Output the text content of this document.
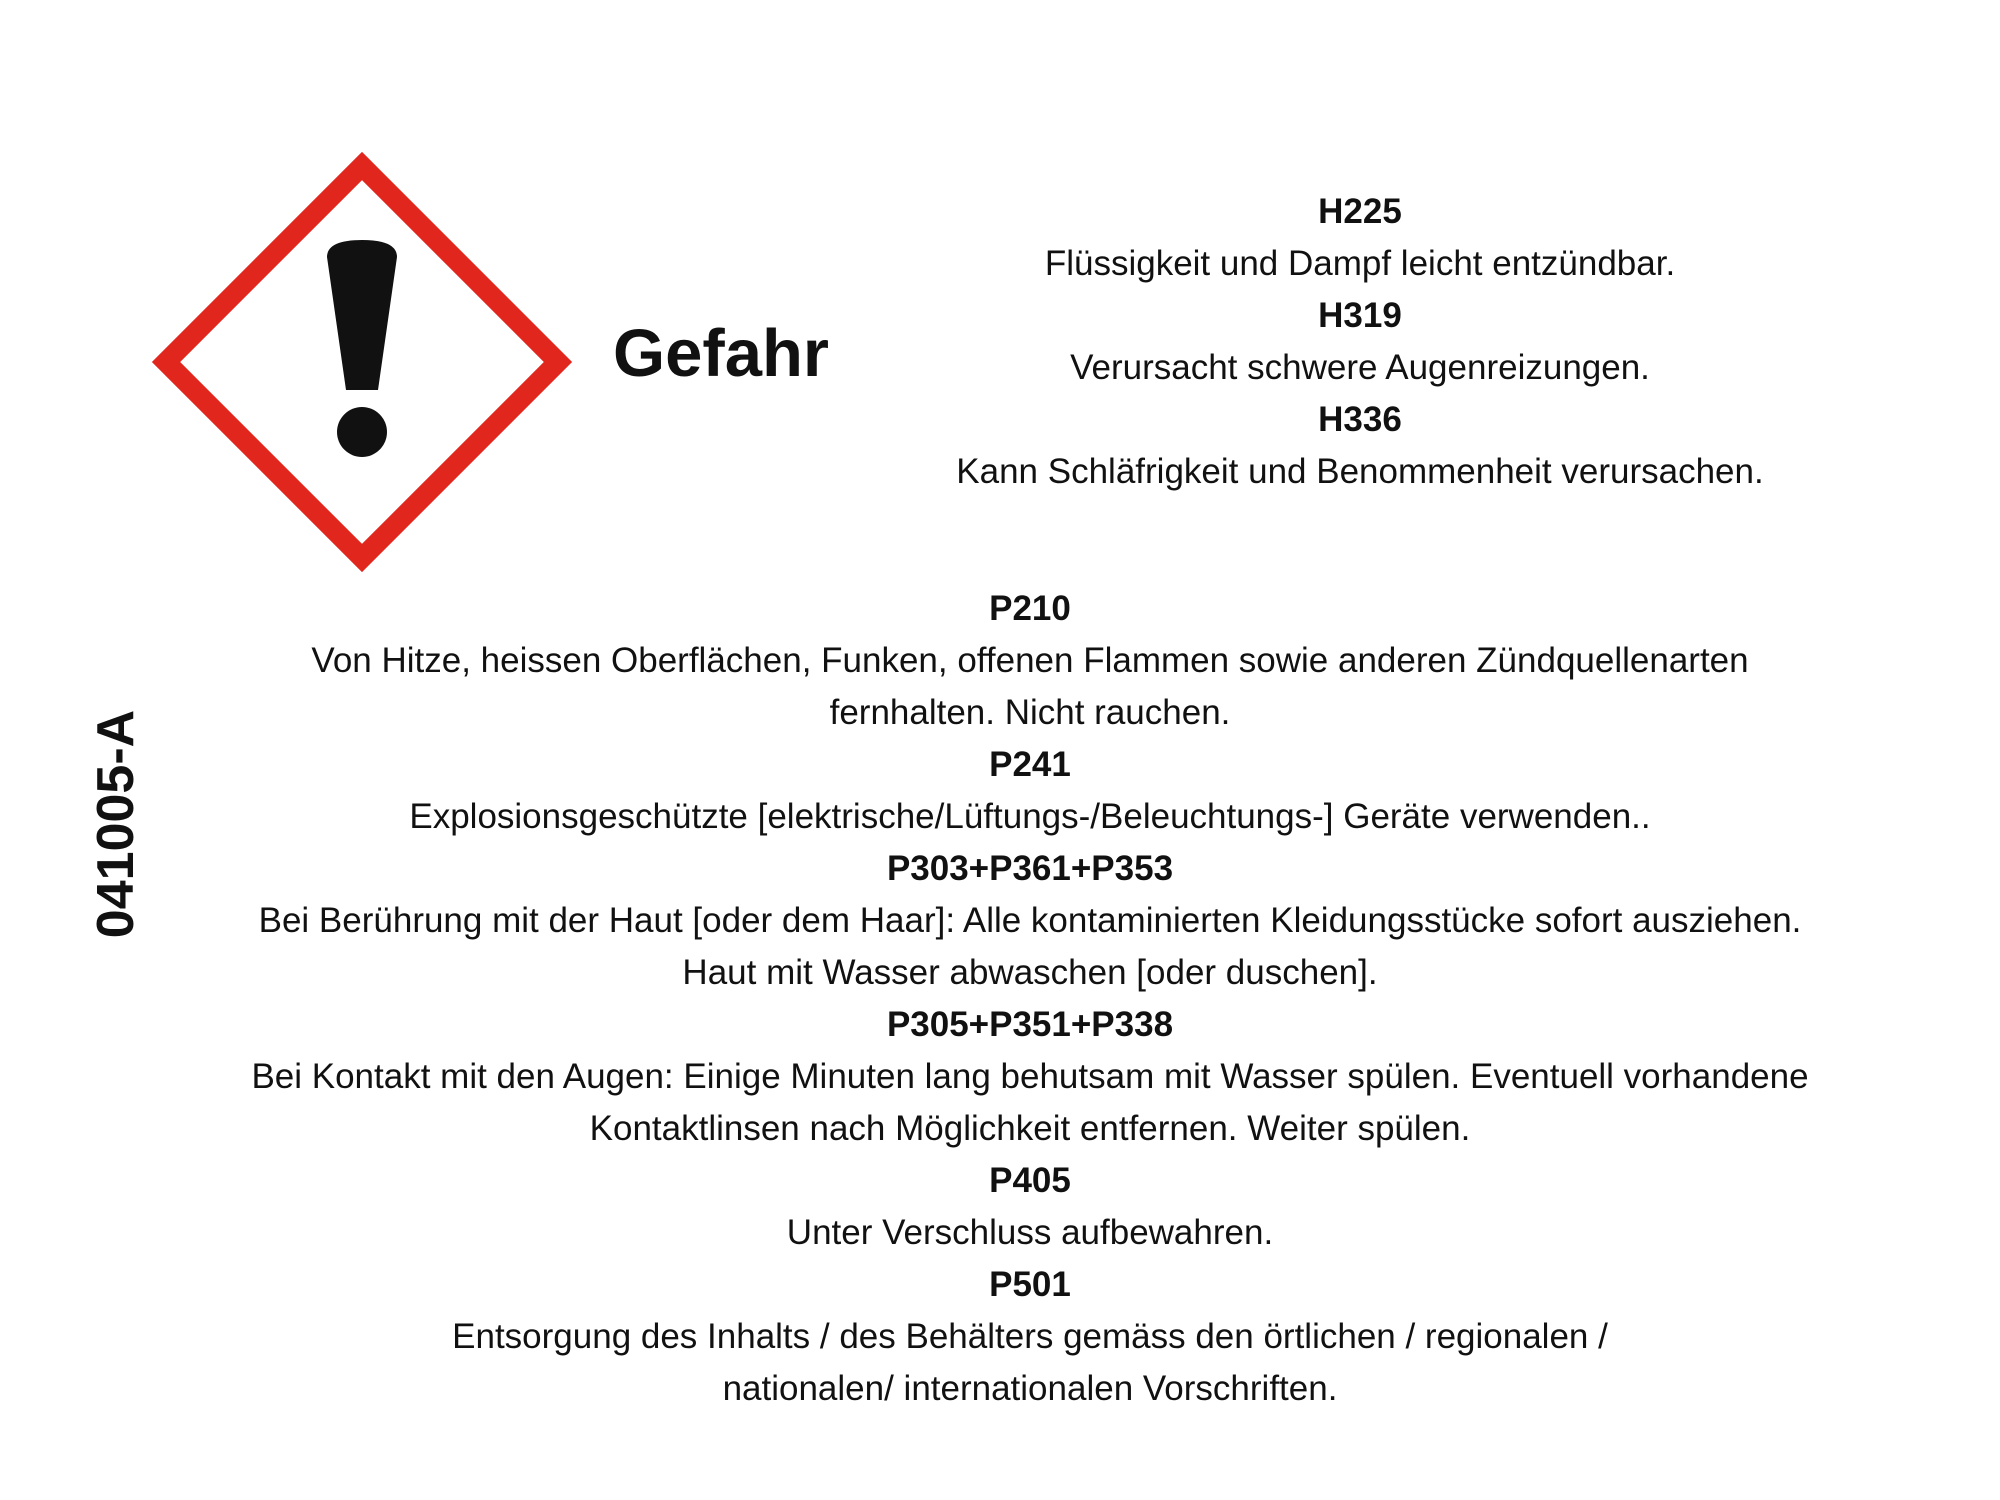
Gefahr
041005-A

H225

Flüssigkeit und Dampf leicht entzündbar.

H319

Verursacht schwere Augenreizungen.

H336

Kann Schläfrigkeit und Benommenheit verursachen.

P210

Von Hitze, heissen Oberflächen, Funken, offenen Flammen sowie anderen Zündquellenarten

fernhalten. Nicht rauchen.

P241

Explosionsgeschützte [elektrische/Lüftungs-/Beleuchtungs-] Geräte verwenden..

P303+P361+P353

Bei Berührung mit der Haut [oder dem Haar]: Alle kontaminierten Kleidungsstücke sofort ausziehen.

Haut mit Wasser abwaschen [oder duschen].

P305+P351+P338

Bei Kontakt mit den Augen: Einige Minuten lang behutsam mit Wasser spülen. Eventuell vorhandene

Kontaktlinsen nach Möglichkeit entfernen. Weiter spülen.

P405

Unter Verschluss aufbewahren.

P501

Entsorgung des Inhalts / des Behälters gemäss den örtlichen / regionalen /

nationalen/ internationalen Vorschriften.
